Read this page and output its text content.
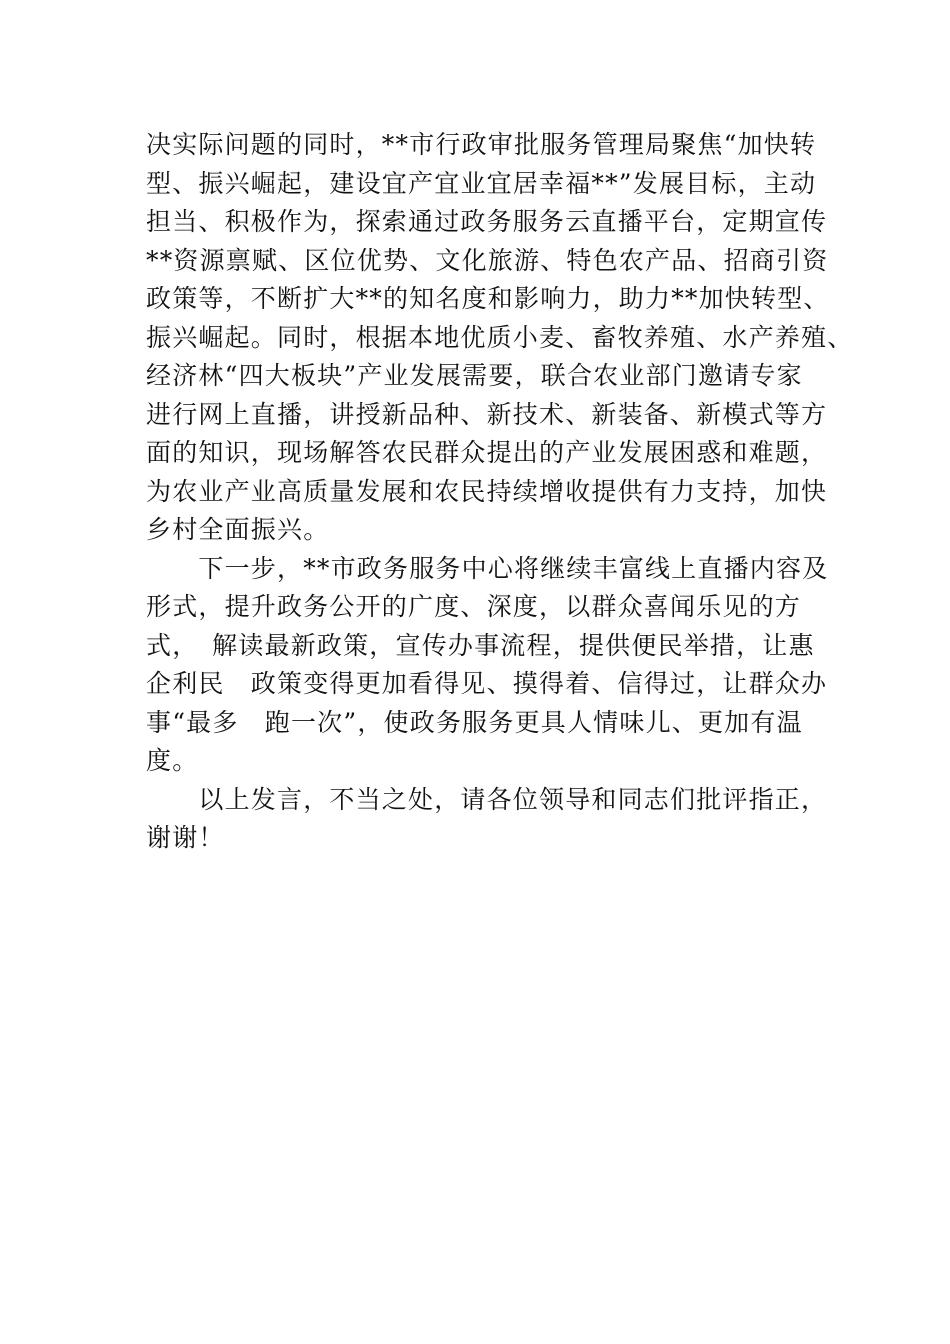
决实际问题的同时，**市行政审批服务管理局聚焦“加快转
型、振兴崛起，建设宜产宜业宜居幸福**”发展目标，主动
担当、积极作为，探索通过政务服务云直播平台，定期宣传
**资源禀赋、区位优势、文化旅游、特色农产品、招商引资
政策等，不断扩大**的知名度和影响力，助力**加快转型、
振兴崛起。同时，根据本地优质小麦、畜牧养殖、水产养殖、
经济林“四大板块”产业发展需要，联合农业部门邀请专家
进行网上直播，讲授新品种、新技术、新装备、新模式等方
面的知识，现场解答农民群众提出的产业发展困惑和难题，
为农业产业高质量发展和农民持续增收提供有力支持，加快
乡村全面振兴。
　　下一步，**市政务服务中心将继续丰富线上直播内容及
形式，提升政务公开的广度、深度，以群众喜闻乐见的方
式，　解读最新政策，宣传办事流程，提供便民举措，让惠
企利民　政策变得更加看得见、摸得着、信得过，让群众办
事“最多　跑一次”，使政务服务更具人情味儿、更加有温
度。
　　以上发言，不当之处，请各位领导和同志们批评指正，
谢谢！
